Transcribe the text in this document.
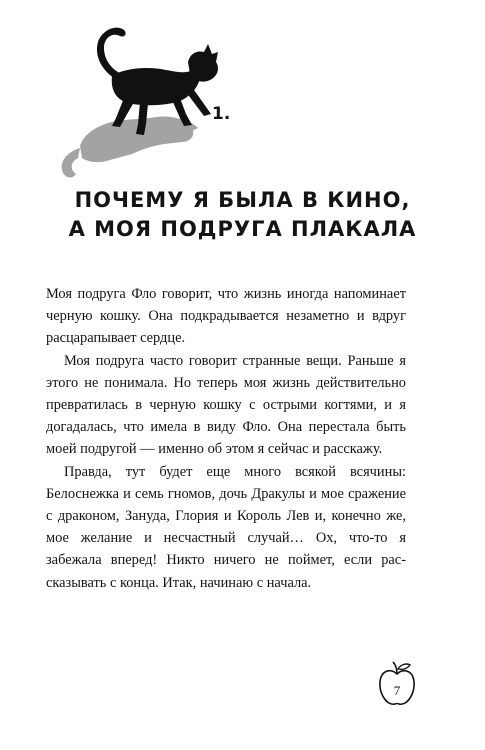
1.
ПОЧЕМУ Я БЫЛА В КИНО,
А МОЯ ПОДРУГА ПЛАКАЛА

Моя подруга Фло говорит, что жизнь иногда напоминает черную кошку. Она подкрадывается незаметно и вдруг расцарапывает сердце.

Моя подруга часто говорит странные вещи. Раньше я этого не понимала. Но теперь моя жизнь действительно превратилась в черную кошку с острыми когтями, и я догадалась, что имела в виду Фло. Она перестала быть моей подругой — именно об этом я сейчас и расскажу.

Правда, тут будет еще много всякой всячины: Белоснежка и семь гномов, дочь Дракулы и мое сражение с драконом, Зануда, Глория и Король Лев и, конечно же, мое желание и несчастный случай… Ох, что-то я забежала вперед! Никто ничего не поймет, если рассказывать с конца. Итак, начинаю с начала.

7
